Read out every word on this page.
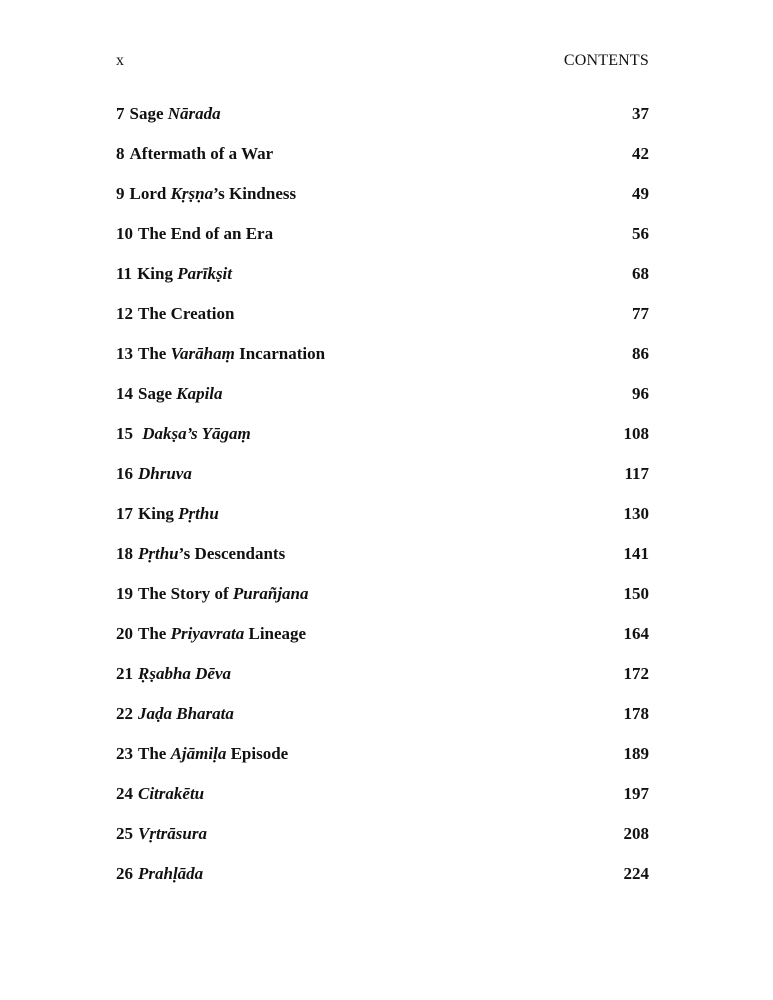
x	CONTENTS
7 Sage Nārada	37
8 Aftermath of a War	42
9 Lord Kṛṣṇa’s Kindness	49
10 The End of an Era	56
11 King Parīkṣit	68
12 The Creation	77
13 The Varāhaṃ Incarnation	86
14 Sage Kapila	96
15 Dakṣa’s Yāgaṃ	108
16 Dhruva	117
17 King Pṛthu	130
18 Pṛthu’s Descendants	141
19 The Story of Purañjana	150
20 The Priyavrata Lineage	164
21 Ṛṣabha Dēva	172
22 Jaḍa Bharata	178
23 The Ajāmiḷa Episode	189
24 Citrakētu	197
25 Vṛtrāsura	208
26 Prahḷāda	224
